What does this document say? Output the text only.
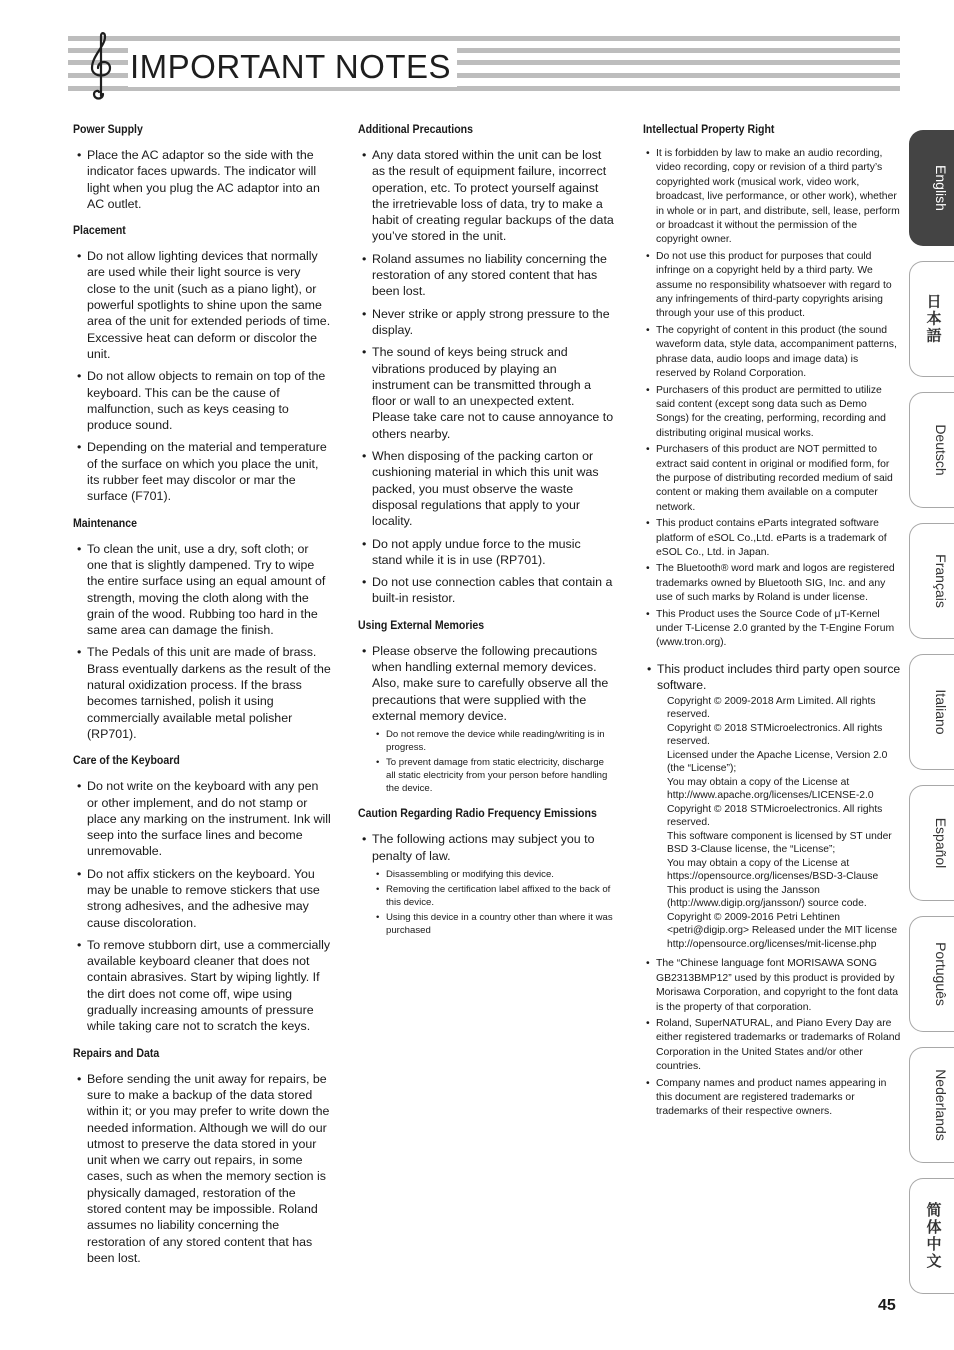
IMPORTANT NOTES
Power Supply
• Place the AC adaptor so the side with the indicator faces upwards. The indicator will light when you plug the AC adaptor into an AC outlet.
Placement
• Do not allow lighting devices that normally are used while their light source is very close to the unit (such as a piano light), or powerful spotlights to shine upon the same area of the unit for extended periods of time. Excessive heat can deform or discolor the unit.
• Do not allow objects to remain on top of the keyboard. This can be the cause of malfunction, such as keys ceasing to produce sound.
• Depending on the material and temperature of the surface on which you place the unit, its rubber feet may discolor or mar the surface (F701).
Maintenance
• To clean the unit, use a dry, soft cloth; or one that is slightly dampened. Try to wipe the entire surface using an equal amount of strength, moving the cloth along with the grain of the wood. Rubbing too hard in the same area can damage the finish.
• The Pedals of this unit are made of brass. Brass eventually darkens as the result of the natural oxidization process. If the brass becomes tarnished, polish it using commercially available metal polisher (RP701).
Care of the Keyboard
• Do not write on the keyboard with any pen or other implement, and do not stamp or place any marking on the instrument. Ink will seep into the surface lines and become unremovable.
• Do not affix stickers on the keyboard. You may be unable to remove stickers that use strong adhesives, and the adhesive may cause discoloration.
• To remove stubborn dirt, use a commercially available keyboard cleaner that does not contain abrasives. Start by wiping lightly. If the dirt does not come off, wipe using gradually increasing amounts of pressure while taking care not to scratch the keys.
Repairs and Data
• Before sending the unit away for repairs, be sure to make a backup of the data stored within it; or you may prefer to write down the needed information. Although we will do our utmost to preserve the data stored in your unit when we carry out repairs, in some cases, such as when the memory section is physically damaged, restoration of the stored content may be impossible. Roland assumes no liability concerning the restoration of any stored content that has been lost.
Additional Precautions
• Any data stored within the unit can be lost as the result of equipment failure, incorrect operation, etc. To protect yourself against the irretrievable loss of data, try to make a habit of creating regular backups of the data you’ve stored in the unit.
• Roland assumes no liability concerning the restoration of any stored content that has been lost.
• Never strike or apply strong pressure to the display.
• The sound of keys being struck and vibrations produced by playing an instrument can be transmitted through a floor or wall to an unexpected extent. Please take care not to cause annoyance to others nearby.
• When disposing of the packing carton or cushioning material in which this unit was packed, you must observe the waste disposal regulations that apply to your locality.
• Do not apply undue force to the music stand while it is in use (RP701).
• Do not use connection cables that contain a built-in resistor.
Using External Memories
• Please observe the following precautions when handling external memory devices. Also, make sure to carefully observe all the precautions that were supplied with the external memory device.
• Do not remove the device while reading/writing is in progress.
• To prevent damage from static electricity, discharge all static electricity from your person before handling the device.
Caution Regarding Radio Frequency Emissions
• The following actions may subject you to penalty of law.
• Disassembling or modifying this device.
• Removing the certification label affixed to the back of this device.
• Using this device in a country other than where it was purchased
Intellectual Property Right
• It is forbidden by law to make an audio recording, video recording, copy or revision of a third party’s copyrighted work (musical work, video work, broadcast, live performance, or other work), whether in whole or in part, and distribute, sell, lease, perform or broadcast it without the permission of the copyright owner.
• Do not use this product for purposes that could infringe on a copyright held by a third party. We assume no responsibility whatsoever with regard to any infringements of third-party copyrights arising through your use of this product.
• The copyright of content in this product (the sound waveform data, style data, accompaniment patterns, phrase data, audio loops and image data) is reserved by Roland Corporation.
• Purchasers of this product are permitted to utilize said content (except song data such as Demo Songs) for the creating, performing, recording and distributing original musical works.
• Purchasers of this product are NOT permitted to extract said content in original or modified form, for the purpose of distributing recorded medium of said content or making them available on a computer network.
• This product contains eParts integrated software platform of eSOL Co.,Ltd. eParts is a trademark of eSOL Co., Ltd. in Japan.
• The Bluetooth® word mark and logos are registered trademarks owned by Bluetooth SIG, Inc. and any use of such marks by Roland is under license.
• This Product uses the Source Code of μT-Kernel under T-License 2.0 granted by the T-Engine Forum (www.tron.org).
• This product includes third party open source software.
Copyright © 2009-2018 Arm Limited. All rights reserved.
Copyright © 2018 STMicroelectronics. All rights reserved.
Licensed under the Apache License, Version 2.0 (the “License”);
You may obtain a copy of the License at http://www.apache.org/licenses/LICENSE-2.0
Copyright © 2018 STMicroelectronics. All rights reserved.
This software component is licensed by ST under BSD 3-Clause license, the “License”;
You may obtain a copy of the License at https://opensource.org/licenses/BSD-3-Clause
This product is using the Jansson (http://www.digip.org/jansson/) source code.
Copyright © 2009-2016 Petri Lehtinen <petri@digip.org> Released under the MIT license http://opensource.org/licenses/mit-license.php
• The “Chinese language font MORISAWA SONG GB2313BMP12” used by this product is provided by Morisawa Corporation, and copyright to the font data is the property of that corporation.
• Roland, SuperNATURAL, and Piano Every Day are either registered trademarks or trademarks of Roland Corporation in the United States and/or other countries.
• Company names and product names appearing in this document are registered trademarks or trademarks of their respective owners.
English
日本語
Deutsch
Français
Italiano
Español
Português
Nederlands
简体中文
45
